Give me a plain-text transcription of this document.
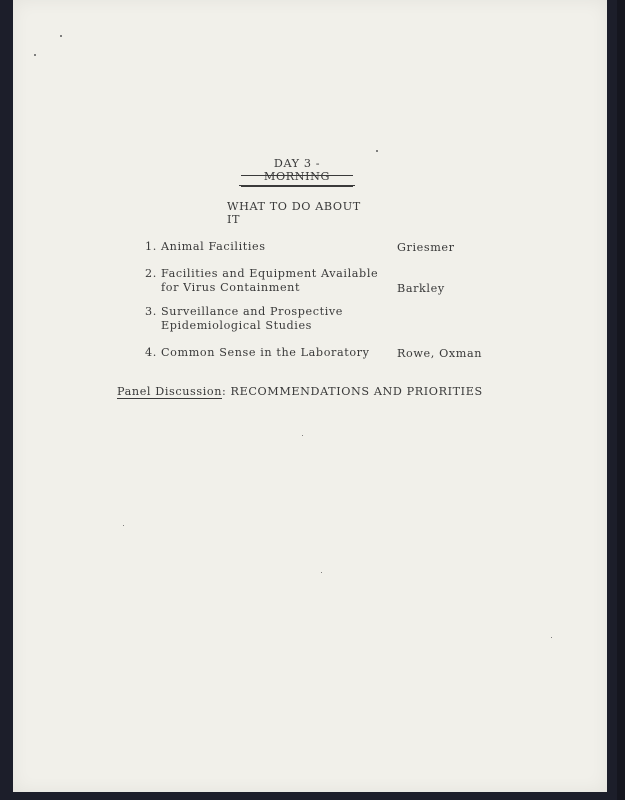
DAY 3 - MORNING
WHAT TO DO ABOUT IT
1. Animal Facilities	Griesmer
2. Facilities and Equipment Available
for Virus Containment	Barkley
3. Surveillance and Prospective
Epidemiological Studies
4. Common Sense in the Laboratory Rowe, Oxman
Panel Discussion: RECOMMENDATIONS AND PRIORITIES
